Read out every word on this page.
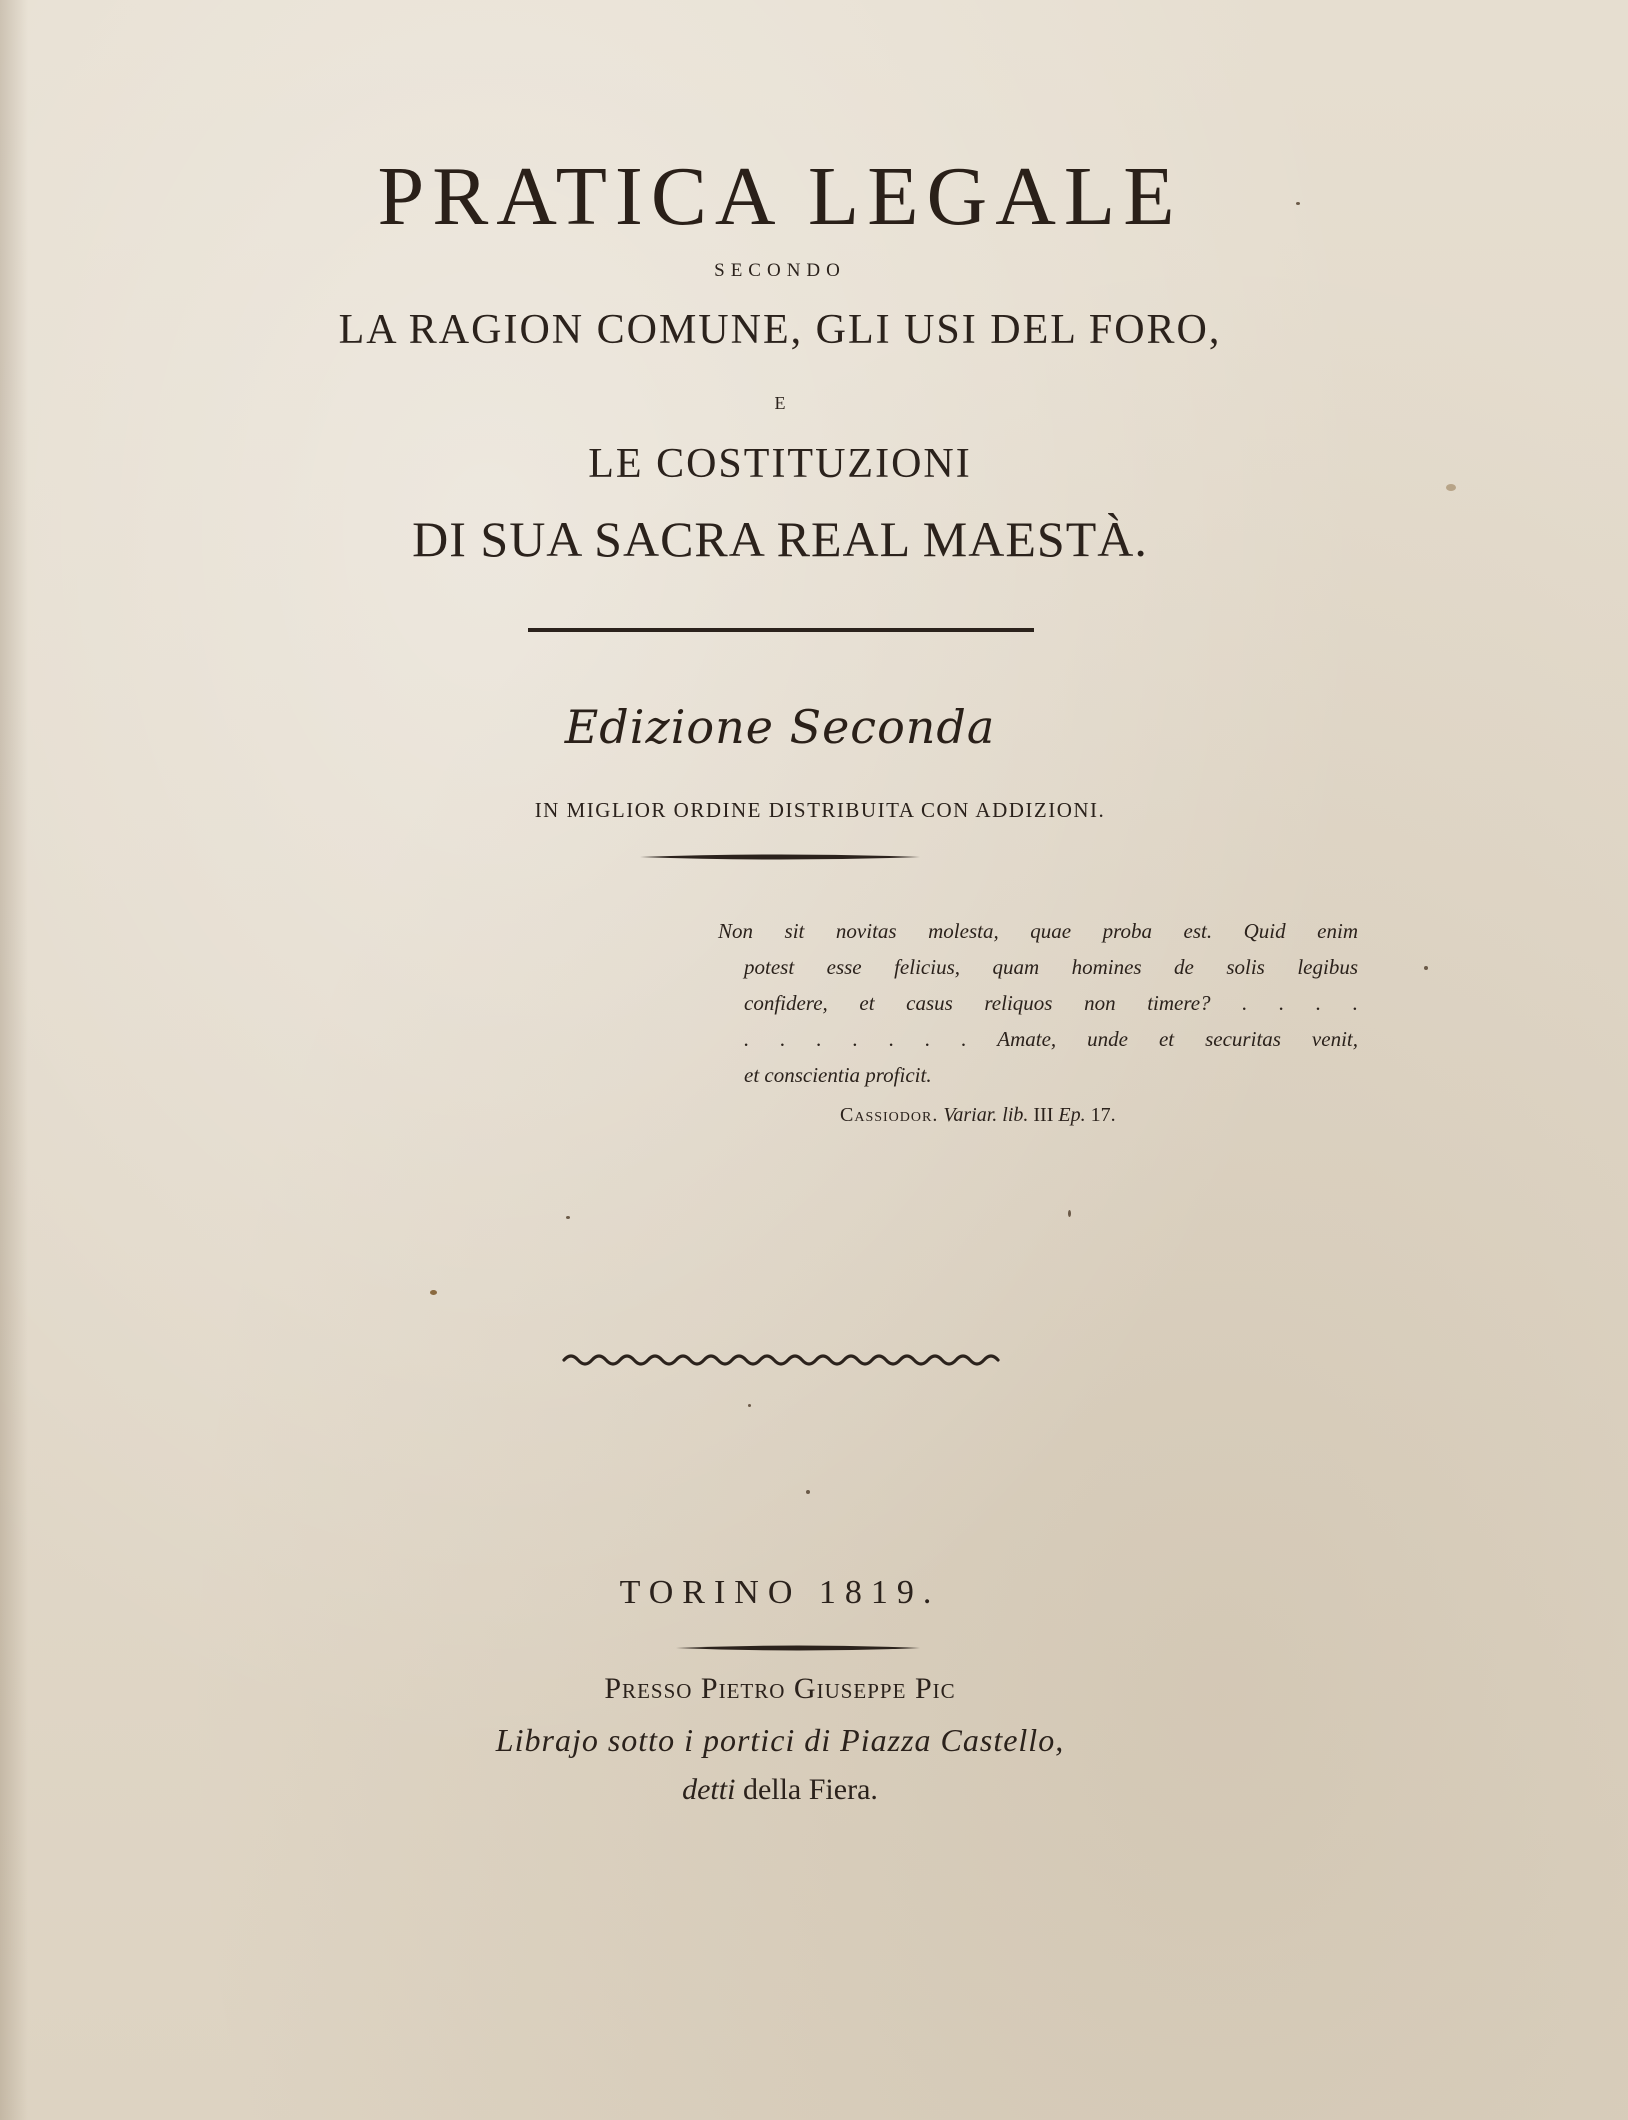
PRATICA LEGALE
SECONDO
LA RAGION COMUNE, GLI USI DEL FORO,
E
LE COSTITUZIONI
DI SUA SACRA REAL MAESTÀ.
Edizione Seconda
IN MIGLIOR ORDINE DISTRIBUITA CON ADDIZIONI.
Non sit novitas molesta, quae proba est. Quid enim
potest esse felicius, quam homines de solis legibus
confidere, et casus reliquos non timere? . . . .
. . . . . . . Amate, unde et securitas venit,
et conscientia proficit.
Cassiodor. Variar. lib. III Ep. 17.
TORINO 1819.
Presso Pietro Giuseppe Pic
Librajo sotto i portici di Piazza Castello,
detti della Fiera.
